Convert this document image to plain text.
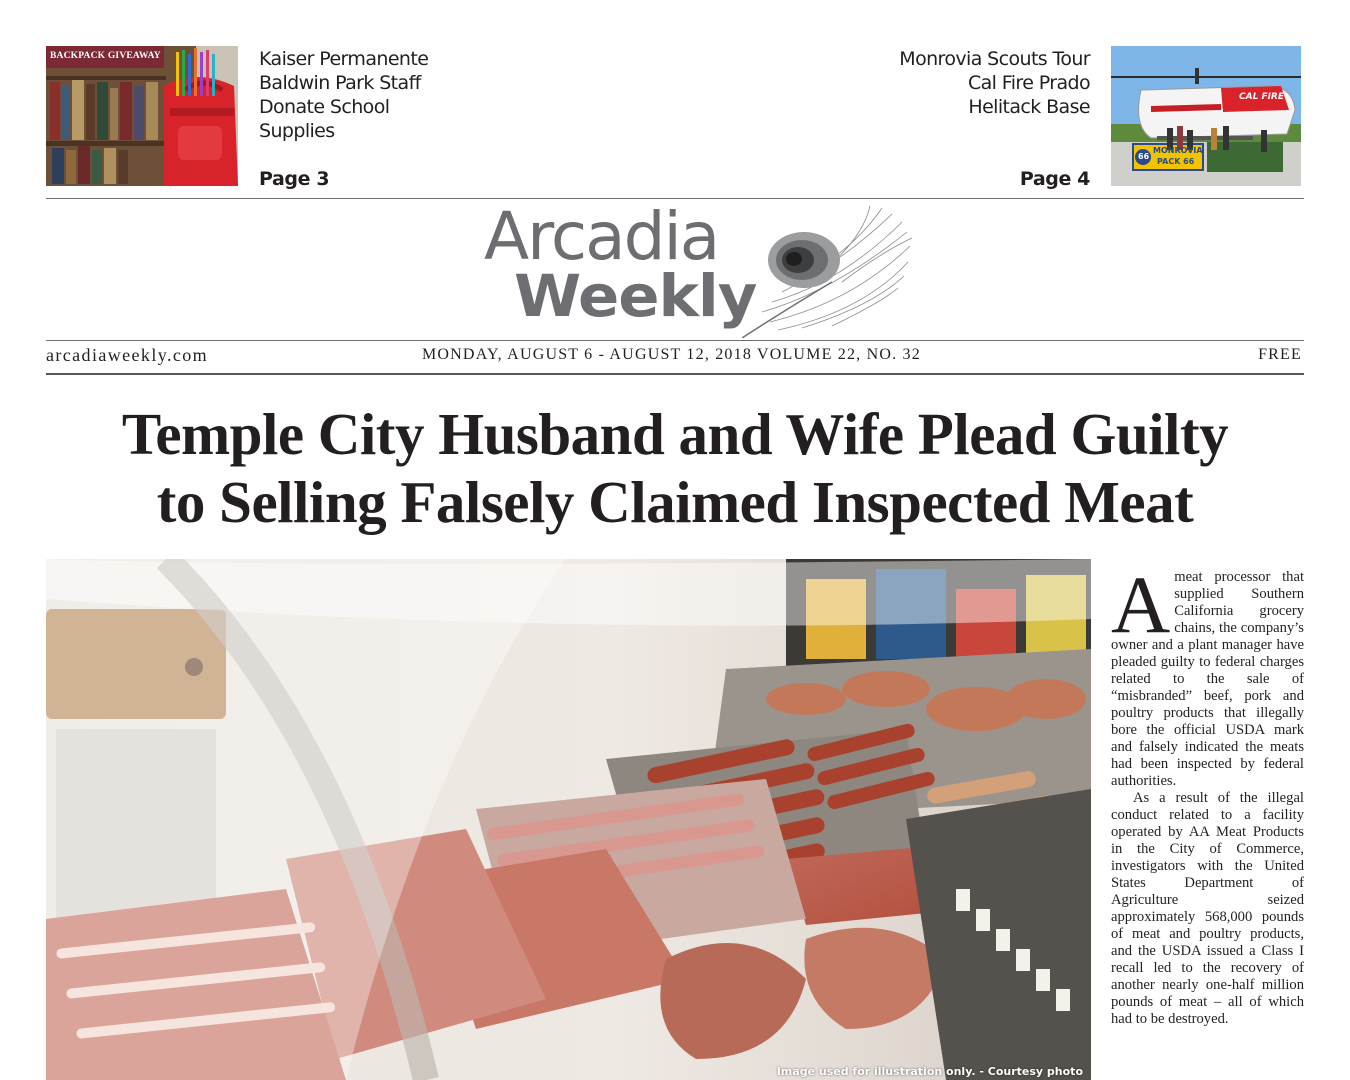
BACKPACK GIVEAWAY	Kaiser Permanente
Baldwin Park Staff
Donate School
Supplies
Page 3
Monrovia Scouts Tour
Cal Fire Prado
Helitack Base
Page 4
66
MONROVIA
PACK 66
CAL FIRE
Arcadia
Weekly
arcadiaweekly.com	MONDAY, AUGUST 6 - AUGUST 12, 2018 VOLUME 22, NO. 32	FREE
Temple City Husband and Wife Plead Guilty
to Selling Falsely Claimed Inspected Meat
Image used for illustration only. - Courtesy photo

Ameat processor that supplied Southern California grocery chains, the company’s owner and a plant manager have pleaded guilty to federal charges related to the sale of “misbranded” beef, pork and poultry products that illegally bore the official USDA mark and falsely indicated the meats had been inspected by federal authorities.

As a result of the illegal conduct related to a facility operated by AA Meat Products in the City of Commerce, investigators with the United States Department of Agriculture seized approximately 568,000 pounds of meat and poultry products, and the USDA issued a Class I recall led to the recovery of another nearly one-half million pounds of meat – all of which had to be destroyed.
